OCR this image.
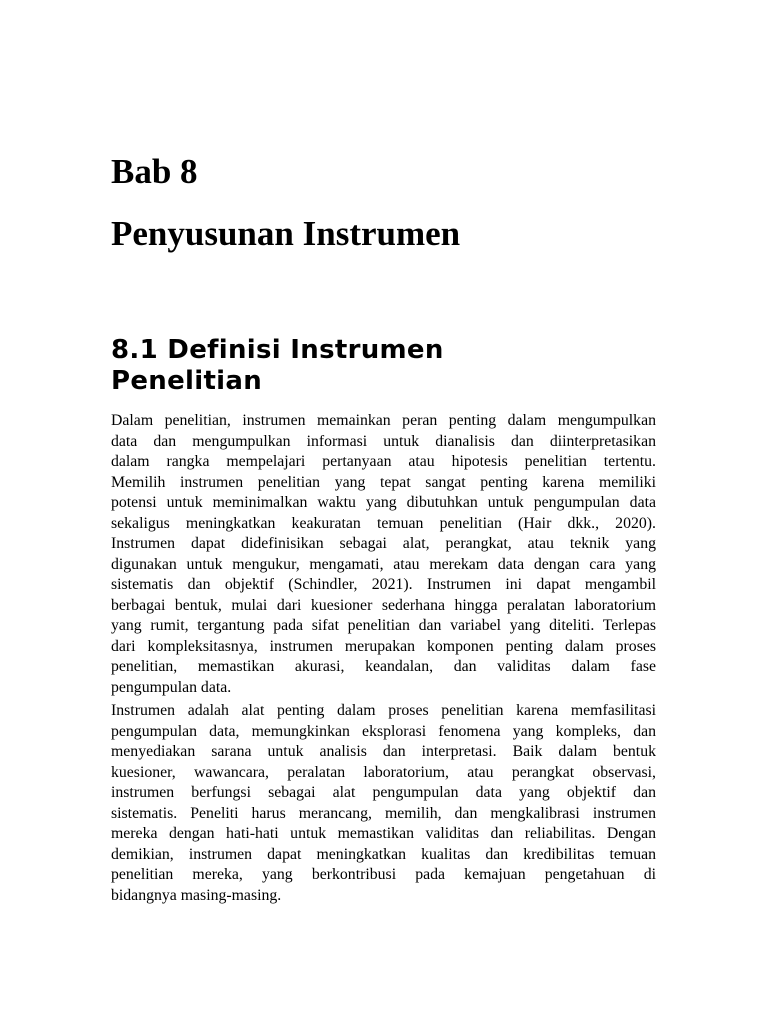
Bab 8
Penyusunan Instrumen
8.1 Definisi Instrumen
Penelitian
Dalam penelitian, instrumen memainkan peran penting dalam mengumpulkan
data dan mengumpulkan informasi untuk dianalisis dan diinterpretasikan
dalam rangka mempelajari pertanyaan atau hipotesis penelitian tertentu.
Memilih instrumen penelitian yang tepat sangat penting karena memiliki
potensi untuk meminimalkan waktu yang dibutuhkan untuk pengumpulan data
sekaligus meningkatkan keakuratan temuan penelitian (Hair dkk., 2020).
Instrumen dapat didefinisikan sebagai alat, perangkat, atau teknik yang
digunakan untuk mengukur, mengamati, atau merekam data dengan cara yang
sistematis dan objektif (Schindler, 2021). Instrumen ini dapat mengambil
berbagai bentuk, mulai dari kuesioner sederhana hingga peralatan laboratorium
yang rumit, tergantung pada sifat penelitian dan variabel yang diteliti. Terlepas
dari kompleksitasnya, instrumen merupakan komponen penting dalam proses
penelitian, memastikan akurasi, keandalan, dan validitas dalam fase
pengumpulan data.
Instrumen adalah alat penting dalam proses penelitian karena memfasilitasi
pengumpulan data, memungkinkan eksplorasi fenomena yang kompleks, dan
menyediakan sarana untuk analisis dan interpretasi. Baik dalam bentuk
kuesioner, wawancara, peralatan laboratorium, atau perangkat observasi,
instrumen berfungsi sebagai alat pengumpulan data yang objektif dan
sistematis. Peneliti harus merancang, memilih, dan mengkalibrasi instrumen
mereka dengan hati-hati untuk memastikan validitas dan reliabilitas. Dengan
demikian, instrumen dapat meningkatkan kualitas dan kredibilitas temuan
penelitian mereka, yang berkontribusi pada kemajuan pengetahuan di
bidangnya masing-masing.
